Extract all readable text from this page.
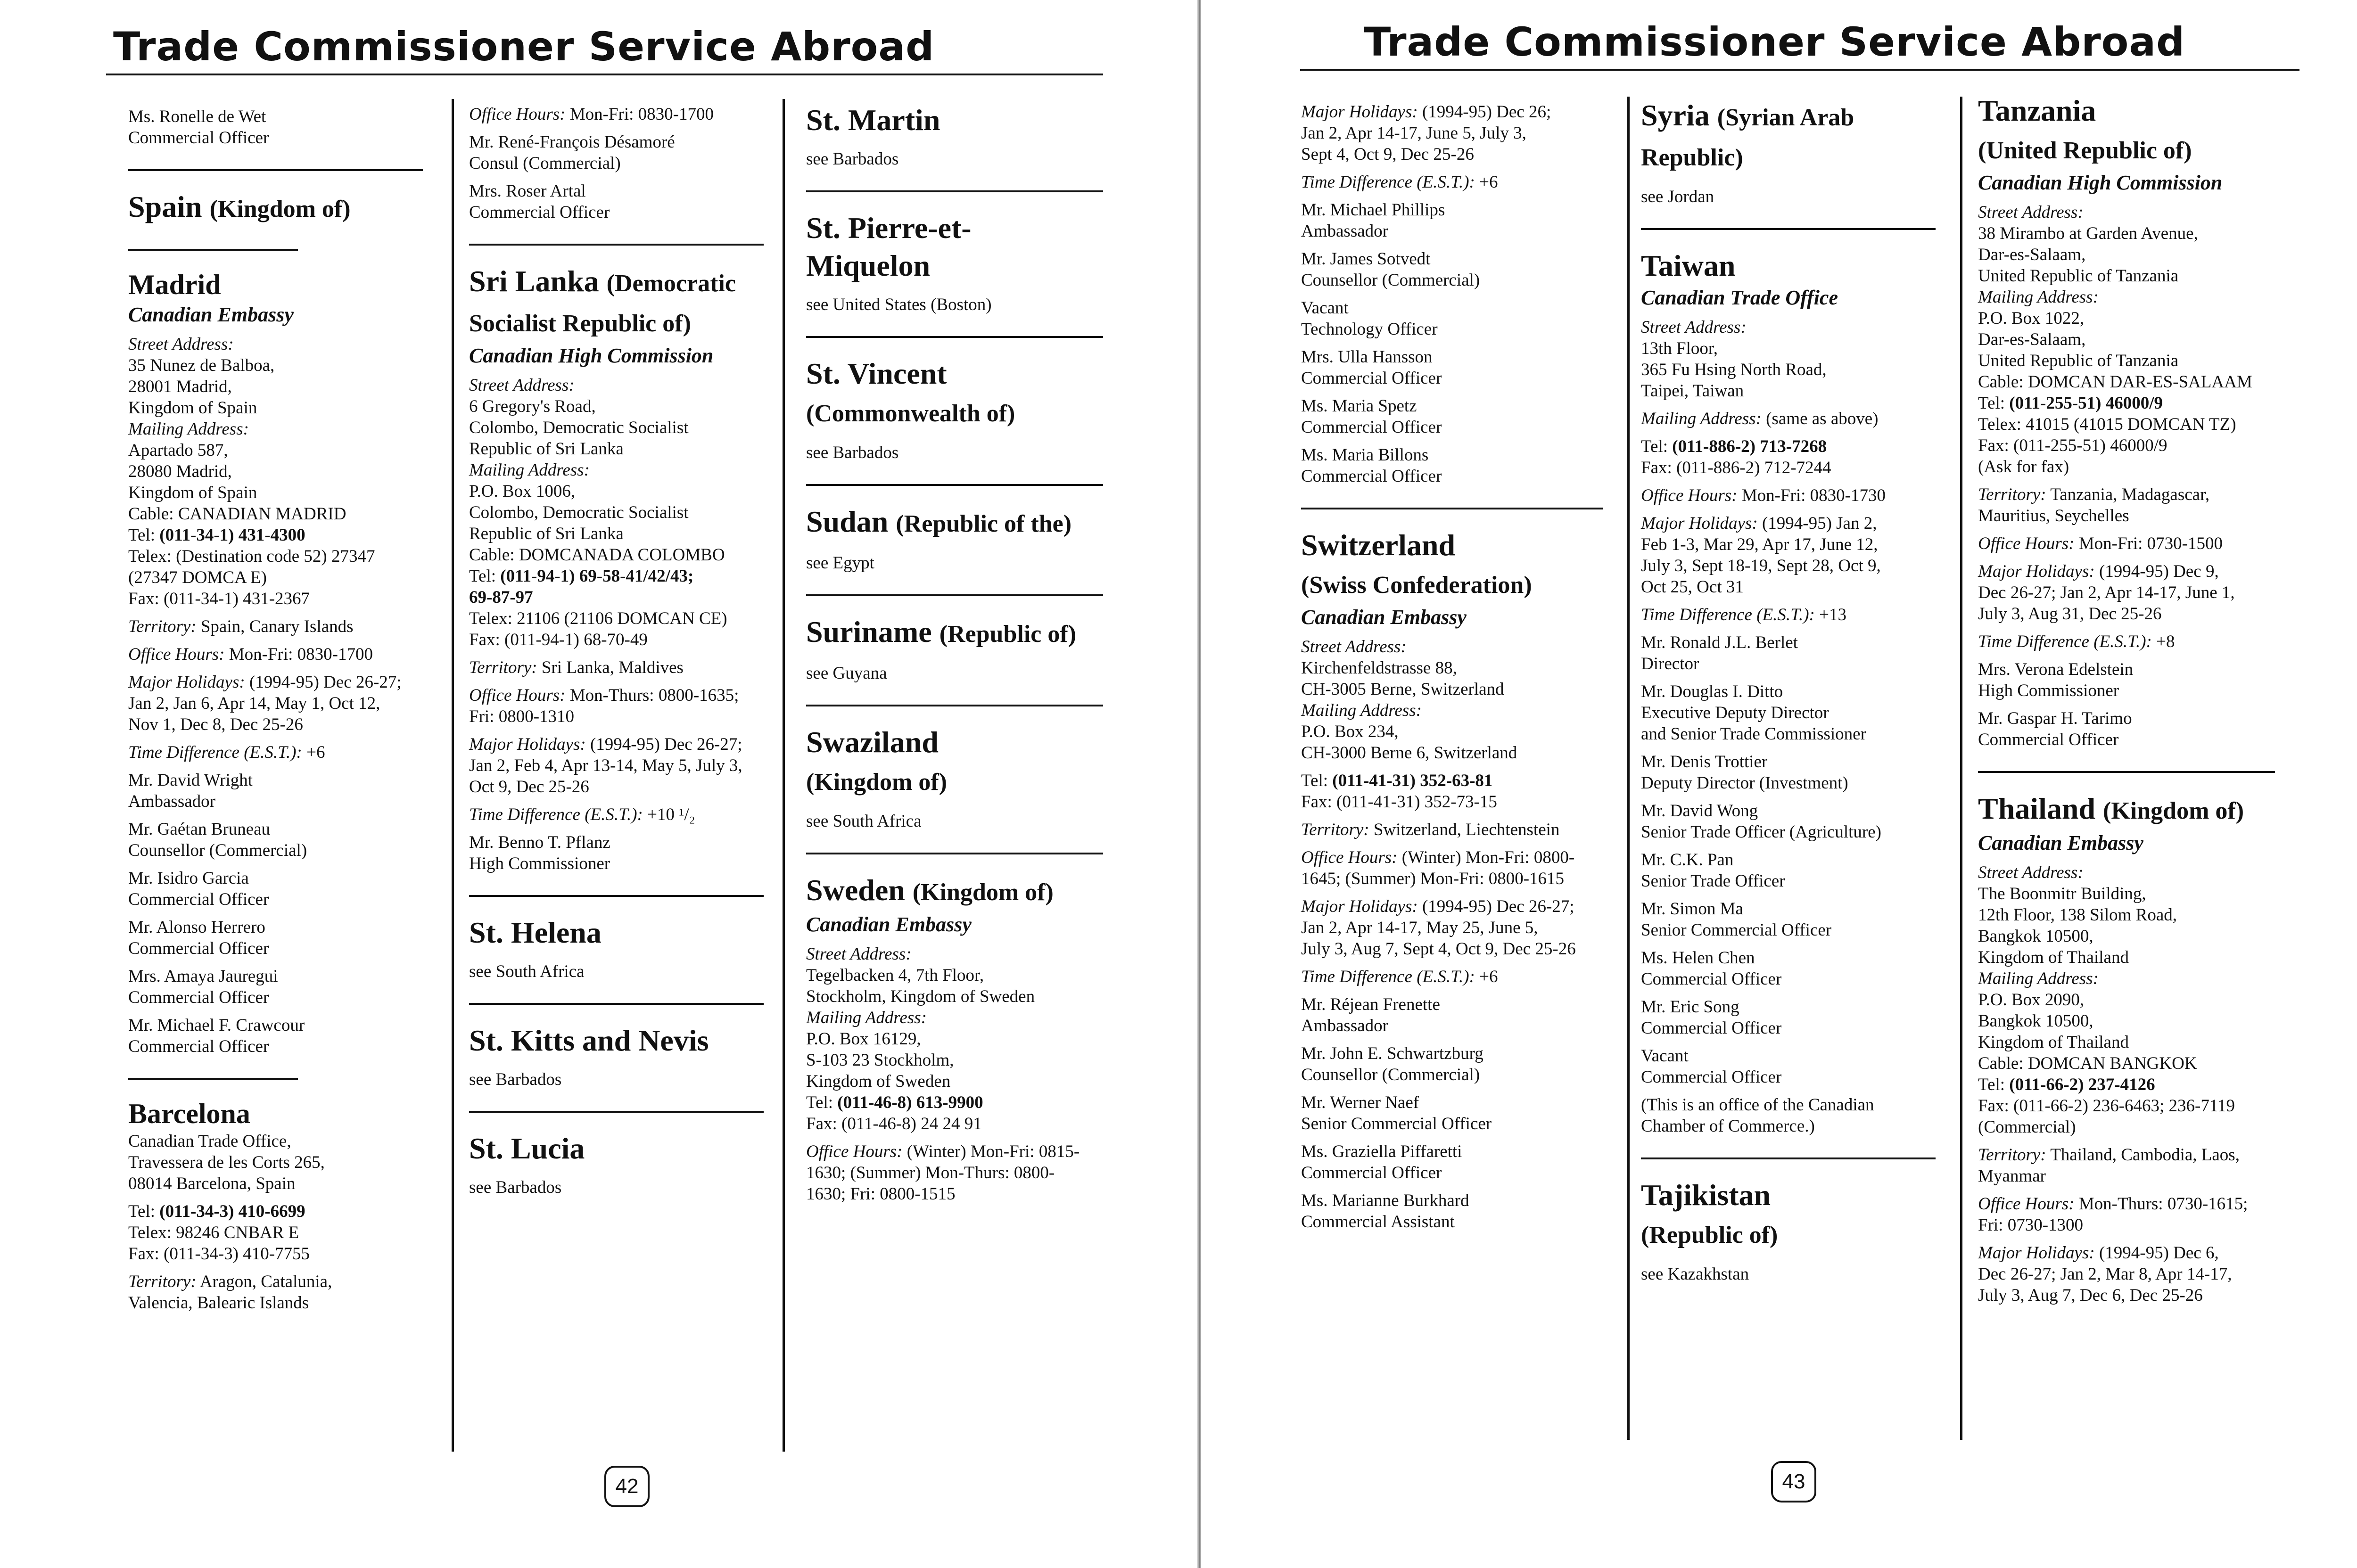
Trade Commissioner Service Abroad

Ms. Ronelle de Wet

Commercial Officer

Spain (Kingdom of)
Madrid
Canadian Embassy

Street Address:

35 Nunez de Balboa,

28001 Madrid,

Kingdom of Spain

Mailing Address:

Apartado 587,

28080 Madrid,

Kingdom of Spain

Cable: CANADIAN MADRID

Tel: (011-34-1) 431-4300

Telex: (Destination code 52) 27347

(27347 DOMCA E)

Fax: (011-34-1) 431-2367

Territory: Spain, Canary Islands

Office Hours: Mon-Fri: 0830-1700

Major Holidays: (1994-95) Dec 26-27;

Jan 2, Jan 6, Apr 14, May 1, Oct 12,

Nov 1, Dec 8, Dec 25-26

Time Difference (E.S.T.): +6

Mr. David Wright

Ambassador

Mr. Gaétan Bruneau

Counsellor (Commercial)

Mr. Isidro Garcia

Commercial Officer

Mr. Alonso Herrero

Commercial Officer

Mrs. Amaya Jauregui

Commercial Officer

Mr. Michael F. Crawcour

Commercial Officer

Barcelona

Canadian Trade Office,

Travessera de les Corts 265,

08014 Barcelona, Spain

Tel: (011-34-3) 410-6699

Telex: 98246 CNBAR E

Fax: (011-34-3) 410-7755

Territory: Aragon, Catalunia,

Valencia, Balearic Islands

Office Hours: Mon-Fri: 0830-1700

Mr. René-François Désamoré

Consul (Commercial)

Mrs. Roser Artal

Commercial Officer

Sri Lanka (Democratic
Socialist Republic of)
Canadian High Commission

Street Address:

6 Gregory's Road,

Colombo, Democratic Socialist

Republic of Sri Lanka

Mailing Address:

P.O. Box 1006,

Colombo, Democratic Socialist

Republic of Sri Lanka

Cable: DOMCANADA COLOMBO

Tel: (011-94-1) 69-58-41/42/43;

69-87-97

Telex: 21106 (21106 DOMCAN CE)

Fax: (011-94-1) 68-70-49

Territory: Sri Lanka, Maldives

Office Hours: Mon-Thurs: 0800-1635;

Fri: 0800-1310

Major Holidays: (1994-95) Dec 26-27;

Jan 2, Feb 4, Apr 13-14, May 5, July 3,

Oct 9, Dec 25-26

Time Difference (E.S.T.): +10 ¹/₂

Mr. Benno T. Pflanz

High Commissioner

St. Helena
see South Africa
St. Kitts and Nevis
see Barbados
St. Lucia
see Barbados
St. Martin
see Barbados

St. Pierre-et-

Miquelon

see United States (Boston)
St. Vincent
(Commonwealth of)
see Barbados
Sudan (Republic of the)
see Egypt
Suriname (Republic of)
see Guyana
Swaziland
(Kingdom of)
see South Africa
Sweden (Kingdom of)
Canadian Embassy

Street Address:

Tegelbacken 4, 7th Floor,

Stockholm, Kingdom of Sweden

Mailing Address:

P.O. Box 16129,

S-103 23 Stockholm,

Kingdom of Sweden

Tel: (011-46-8) 613-9900

Fax: (011-46-8) 24 24 91

Office Hours: (Winter) Mon-Fri: 0815-

1630; (Summer) Mon-Thurs: 0800-

1630; Fri: 0800-1515

42
Trade Commissioner Service Abroad

Major Holidays: (1994-95) Dec 26;

Jan 2, Apr 14-17, June 5, July 3,

Sept 4, Oct 9, Dec 25-26

Time Difference (E.S.T.): +6

Mr. Michael Phillips

Ambassador

Mr. James Sotvedt

Counsellor (Commercial)

Vacant

Technology Officer

Mrs. Ulla Hansson

Commercial Officer

Ms. Maria Spetz

Commercial Officer

Ms. Maria Billons

Commercial Officer

Switzerland
(Swiss Confederation)
Canadian Embassy

Street Address:

Kirchenfeldstrasse 88,

CH-3005 Berne, Switzerland

Mailing Address:

P.O. Box 234,

CH-3000 Berne 6, Switzerland

Tel: (011-41-31) 352-63-81

Fax: (011-41-31) 352-73-15

Territory: Switzerland, Liechtenstein

Office Hours: (Winter) Mon-Fri: 0800-

1645; (Summer) Mon-Fri: 0800-1615

Major Holidays: (1994-95) Dec 26-27;

Jan 2, Apr 14-17, May 25, June 5,

July 3, Aug 7, Sept 4, Oct 9, Dec 25-26

Time Difference (E.S.T.): +6

Mr. Réjean Frenette

Ambassador

Mr. John E. Schwartzburg

Counsellor (Commercial)

Mr. Werner Naef

Senior Commercial Officer

Ms. Graziella Piffaretti

Commercial Officer

Ms. Marianne Burkhard

Commercial Assistant

Syria (Syrian Arab
Republic)
see Jordan
Taiwan
Canadian Trade Office

Street Address:

13th Floor,

365 Fu Hsing North Road,

Taipei, Taiwan

Mailing Address: (same as above)

Tel: (011-886-2) 713-7268

Fax: (011-886-2) 712-7244

Office Hours: Mon-Fri: 0830-1730

Major Holidays: (1994-95) Jan 2,

Feb 1-3, Mar 29, Apr 17, June 12,

July 3, Sept 18-19, Sept 28, Oct 9,

Oct 25, Oct 31

Time Difference (E.S.T.): +13

Mr. Ronald J.L. Berlet

Director

Mr. Douglas I. Ditto

Executive Deputy Director

and Senior Trade Commissioner

Mr. Denis Trottier

Deputy Director (Investment)

Mr. David Wong

Senior Trade Officer (Agriculture)

Mr. C.K. Pan

Senior Trade Officer

Mr. Simon Ma

Senior Commercial Officer

Ms. Helen Chen

Commercial Officer

Mr. Eric Song

Commercial Officer

Vacant

Commercial Officer

(This is an office of the Canadian

Chamber of Commerce.)

Tajikistan
(Republic of)
see Kazakhstan
Tanzania
(United Republic of)
Canadian High Commission

Street Address:

38 Mirambo at Garden Avenue,

Dar-es-Salaam,

United Republic of Tanzania

Mailing Address:

P.O. Box 1022,

Dar-es-Salaam,

United Republic of Tanzania

Cable: DOMCAN DAR-ES-SALAAM

Tel: (011-255-51) 46000/9

Telex: 41015 (41015 DOMCAN TZ)

Fax: (011-255-51) 46000/9

(Ask for fax)

Territory: Tanzania, Madagascar,

Mauritius, Seychelles

Office Hours: Mon-Fri: 0730-1500

Major Holidays: (1994-95) Dec 9,

Dec 26-27; Jan 2, Apr 14-17, June 1,

July 3, Aug 31, Dec 25-26

Time Difference (E.S.T.): +8

Mrs. Verona Edelstein

High Commissioner

Mr. Gaspar H. Tarimo

Commercial Officer

Thailand (Kingdom of)
Canadian Embassy

Street Address:

The Boonmitr Building,

12th Floor, 138 Silom Road,

Bangkok 10500,

Kingdom of Thailand

Mailing Address:

P.O. Box 2090,

Bangkok 10500,

Kingdom of Thailand

Cable: DOMCAN BANGKOK

Tel: (011-66-2) 237-4126

Fax: (011-66-2) 236-6463; 236-7119

(Commercial)

Territory: Thailand, Cambodia, Laos,

Myanmar

Office Hours: Mon-Thurs: 0730-1615;

Fri: 0730-1300

Major Holidays: (1994-95) Dec 6,

Dec 26-27; Jan 2, Mar 8, Apr 14-17,

July 3, Aug 7, Dec 6, Dec 25-26

43
